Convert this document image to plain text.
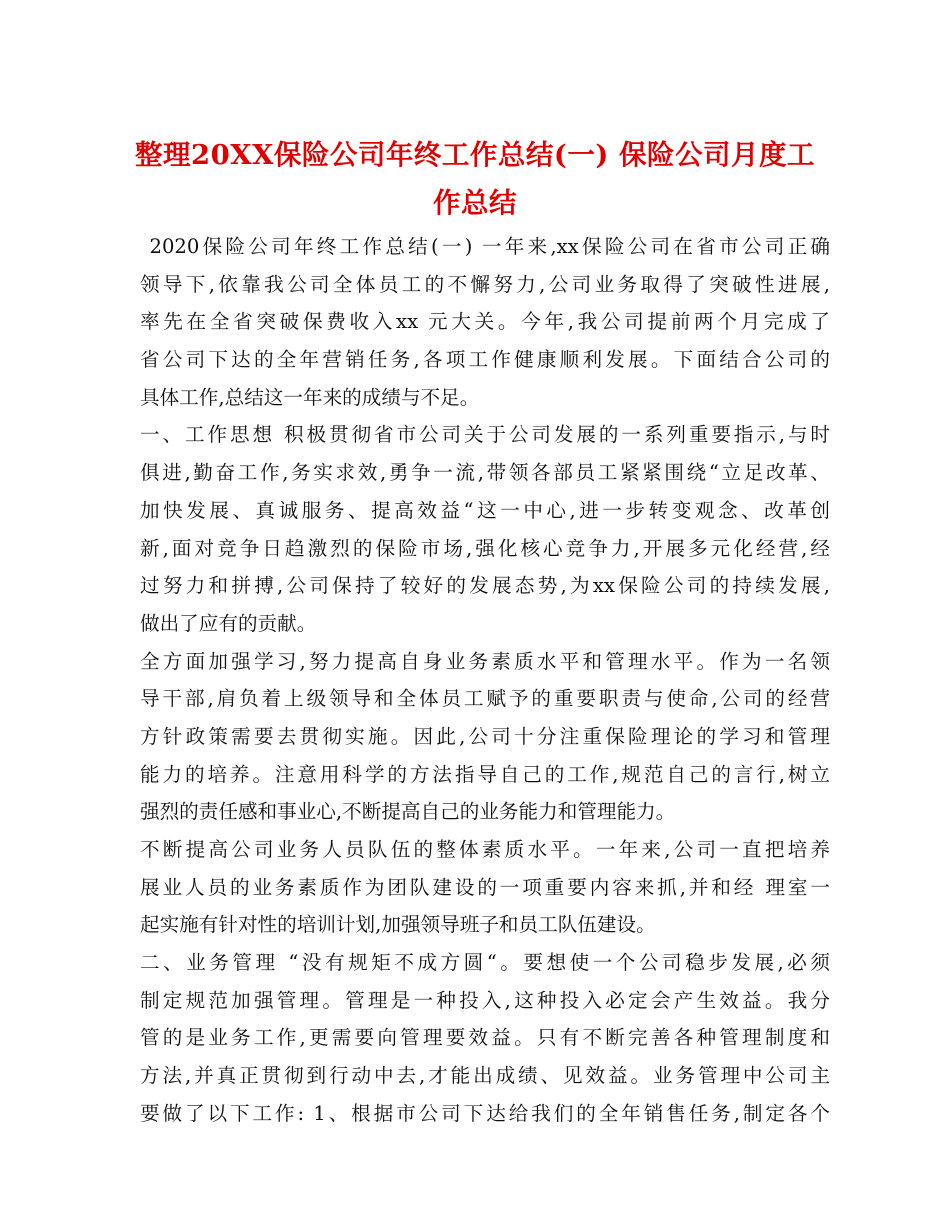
整理20XX保险公司年终工作总结(一) 保险公司月度工
作总结
2020保险公司年终工作总结(一) 一年来,xx保险公司在省市公司正确
领导下,依靠我公司全体员工的不懈努力,公司业务取得了突破性进展,
率先在全省突破保费收入xx 元大关。今年,我公司提前两个月完成了
省公司下达的全年营销任务,各项工作健康顺利发展。下面结合公司的
具体工作,总结这一年来的成绩与不足。
一、工作思想 积极贯彻省市公司关于公司发展的一系列重要指示,与时
俱进,勤奋工作,务实求效,勇争一流,带领各部员工紧紧围绕“立足改革、
加快发展、真诚服务、提高效益“这一中心,进一步转变观念、改革创
新,面对竞争日趋激烈的保险市场,强化核心竞争力,开展多元化经营,经
过努力和拼搏,公司保持了较好的发展态势,为xx保险公司的持续发展,
做出了应有的贡献。
全方面加强学习,努力提高自身业务素质水平和管理水平。作为一名领
导干部,肩负着上级领导和全体员工赋予的重要职责与使命,公司的经营
方针政策需要去贯彻实施。因此,公司十分注重保险理论的学习和管理
能力的培养。注意用科学的方法指导自己的工作,规范自己的言行,树立
强烈的责任感和事业心,不断提高自己的业务能力和管理能力。
不断提高公司业务人员队伍的整体素质水平。一年来,公司一直把培养
展业人员的业务素质作为团队建设的一项重要内容来抓,并和经 理室一
起实施有针对性的培训计划,加强领导班子和员工队伍建设。
二、业务管理 “没有规矩不成方圆“。要想使一个公司稳步发展,必须
制定规范加强管理。管理是一种投入,这种投入必定会产生效益。我分
管的是业务工作,更需要向管理要效益。只有不断完善各种管理制度和
方法,并真正贯彻到行动中去,才能出成绩、见效益。业务管理中公司主
要做了以下工作: 1、根据市公司下达给我们的全年销售任务,制定各个
